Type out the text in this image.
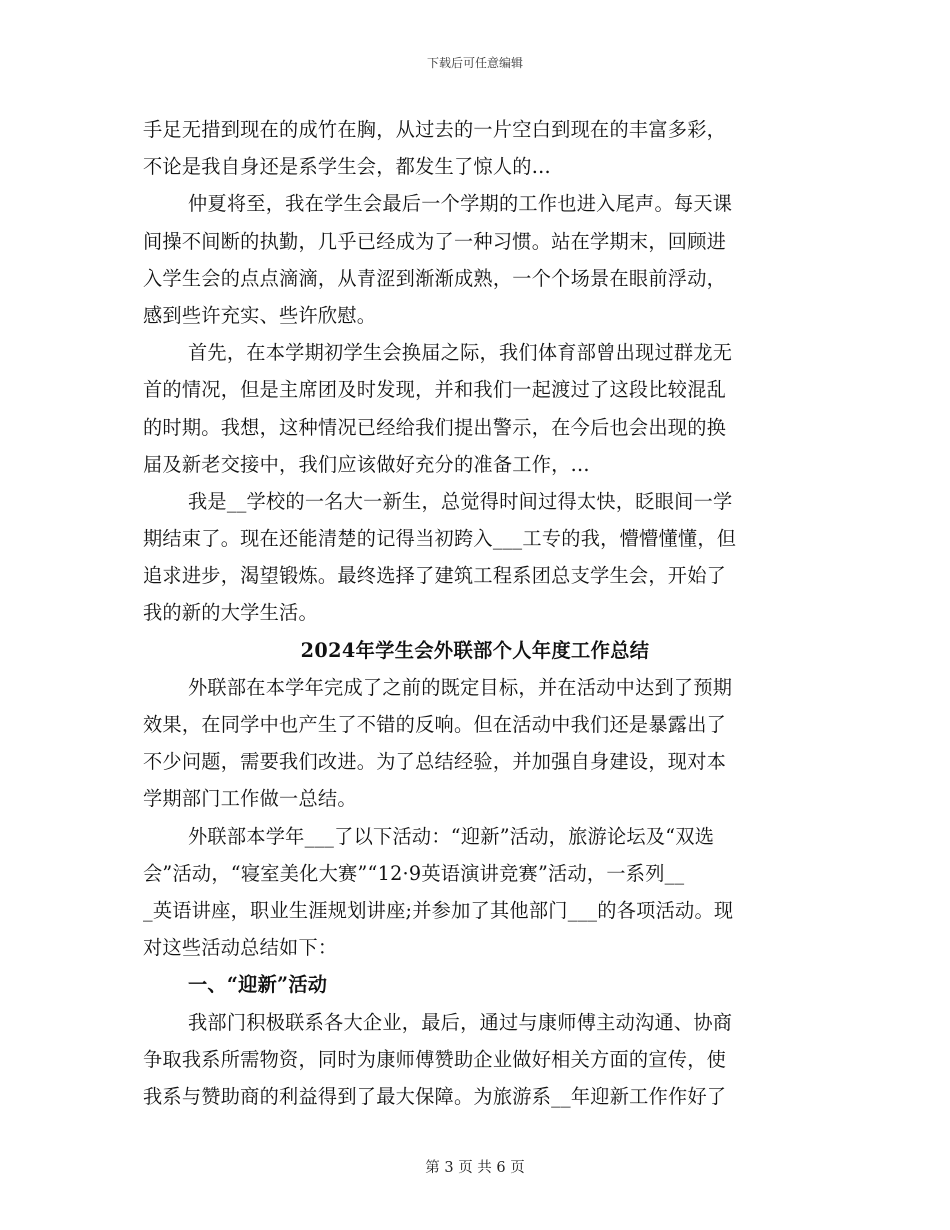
下载后可任意编辑
手足无措到现在的成竹在胸，从过去的一片空白到现在的丰富多彩，
不论是我自身还是系学生会，都发生了惊人的...
仲夏将至，我在学生会最后一个学期的工作也进入尾声。每天课
间操不间断的执勤，几乎已经成为了一种习惯。站在学期末，回顾进
入学生会的点点滴滴，从青涩到渐渐成熟，一个个场景在眼前浮动，
感到些许充实、些许欣慰。
首先，在本学期初学生会换届之际，我们体育部曾出现过群龙无
首的情况，但是主席团及时发现，并和我们一起渡过了这段比较混乱
的时期。我想，这种情况已经给我们提出警示，在今后也会出现的换
届及新老交接中，我们应该做好充分的准备工作，...
我是__学校的一名大一新生，总觉得时间过得太快，眨眼间一学
期结束了。现在还能清楚的记得当初跨入___工专的我，懵懵懂懂，但
追求进步，渴望锻炼。最终选择了建筑工程系团总支学生会，开始了
我的新的大学生活。
2024年学生会外联部个人年度工作总结
外联部在本学年完成了之前的既定目标，并在活动中达到了预期
效果，在同学中也产生了不错的反响。但在活动中我们还是暴露出了
不少问题，需要我们改进。为了总结经验，并加强自身建设，现对本
学期部门工作做一总结。
外联部本学年___了以下活动：“迎新”活动，旅游论坛及“双选
会”活动，“寝室美化大赛”“12·9英语演讲竞赛”活动，一系列__
_英语讲座，职业生涯规划讲座;并参加了其他部门___的各项活动。现
对这些活动总结如下：
一、“迎新”活动
我部门积极联系各大企业，最后，通过与康师傅主动沟通、协商
争取我系所需物资，同时为康师傅赞助企业做好相关方面的宣传，使
我系与赞助商的利益得到了最大保障。为旅游系__年迎新工作作好了
第 3 页 共 6 页
